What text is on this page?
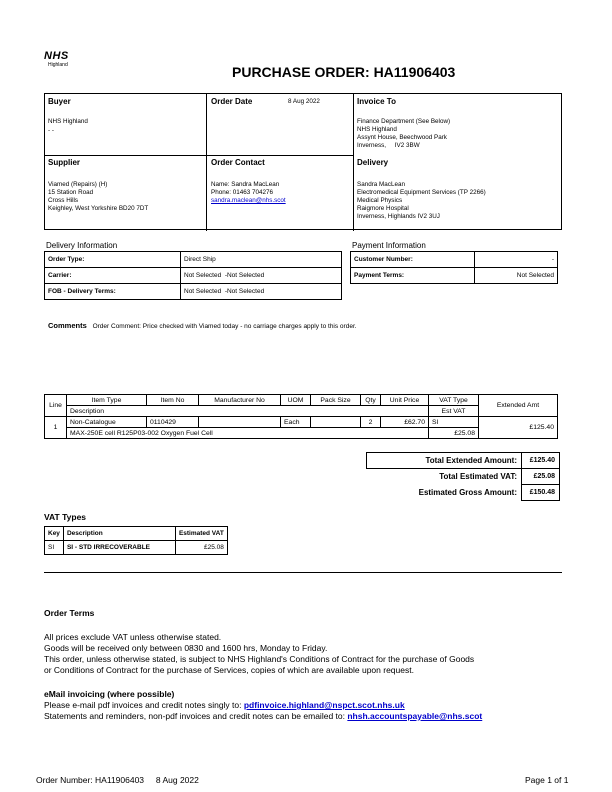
NHS
Highland	PURCHASE ORDER: HA11906403
Buyer
NHS Highland
- -
Order Date	8 Aug 2022	Invoice To
Finance Department (See Below)
NHS Highland
Assynt House, Beechwood Park
Inverness,     IV2 3BW
Supplier
Viamed (Repairs) (H)
15 Station Road
Cross Hills
Keighley, West Yorkshire BD20 7DT
Order Contact
Name: Sandra MacLean
Phone: 01463 704276
sandra.maclean@nhs.scot
Delivery
Sandra MacLean
Electromedical Equipment Services (TP 2266)
Medical Physics
Raigmore Hospital
Inverness, Highlands IV2 3UJ
Delivery Information
Order Type:	Direct Ship
Carrier:	Not Selected  -Not Selected
FOB - Delivery Terms:	Not Selected  -Not Selected
Payment Information
Customer Number:	-
Payment Terms:	Not Selected
Comments Order Comment: Price checked with Viamed today - no carriage charges apply to this order.
Line	Item Type	Item No	Manufacturer No	UOM	Pack Size	Qty	Unit Price	VAT Type	Extended Amt
	Description							Est VAT	
1	Non-Catalogue	0110429		Each		2	£62.70	SI	£125.40
	MAX-250E cell R125P03-002 Oxygen Fuel Cell							£25.08	
Total Extended Amount:	£125.40
Total Estimated VAT:	£25.08
Estimated Gross Amount:	£150.48
VAT Types
Key	Description	Estimated VAT
SI	SI - STD IRRECOVERABLE	£25.08
Order Terms
All prices exclude VAT unless otherwise stated.
Goods will be received only between 0830 and 1600 hrs, Monday to Friday.
This order, unless otherwise stated, is subject to NHS Highland's Conditions of Contract for the purchase of Goods
or Conditions of Contract for the purchase of Services, copies of which are available upon request.
eMail invoicing (where possible)
Please e-mail pdf invoices and credit notes singly to: pdfinvoice.highland@nspct.scot.nhs.uk
Statements and reminders, non-pdf invoices and credit notes can be emailed to: nhsh.accountspayable@nhs.scot
Order Number: HA11906403     8 Aug 2022	Page 1 of 1
